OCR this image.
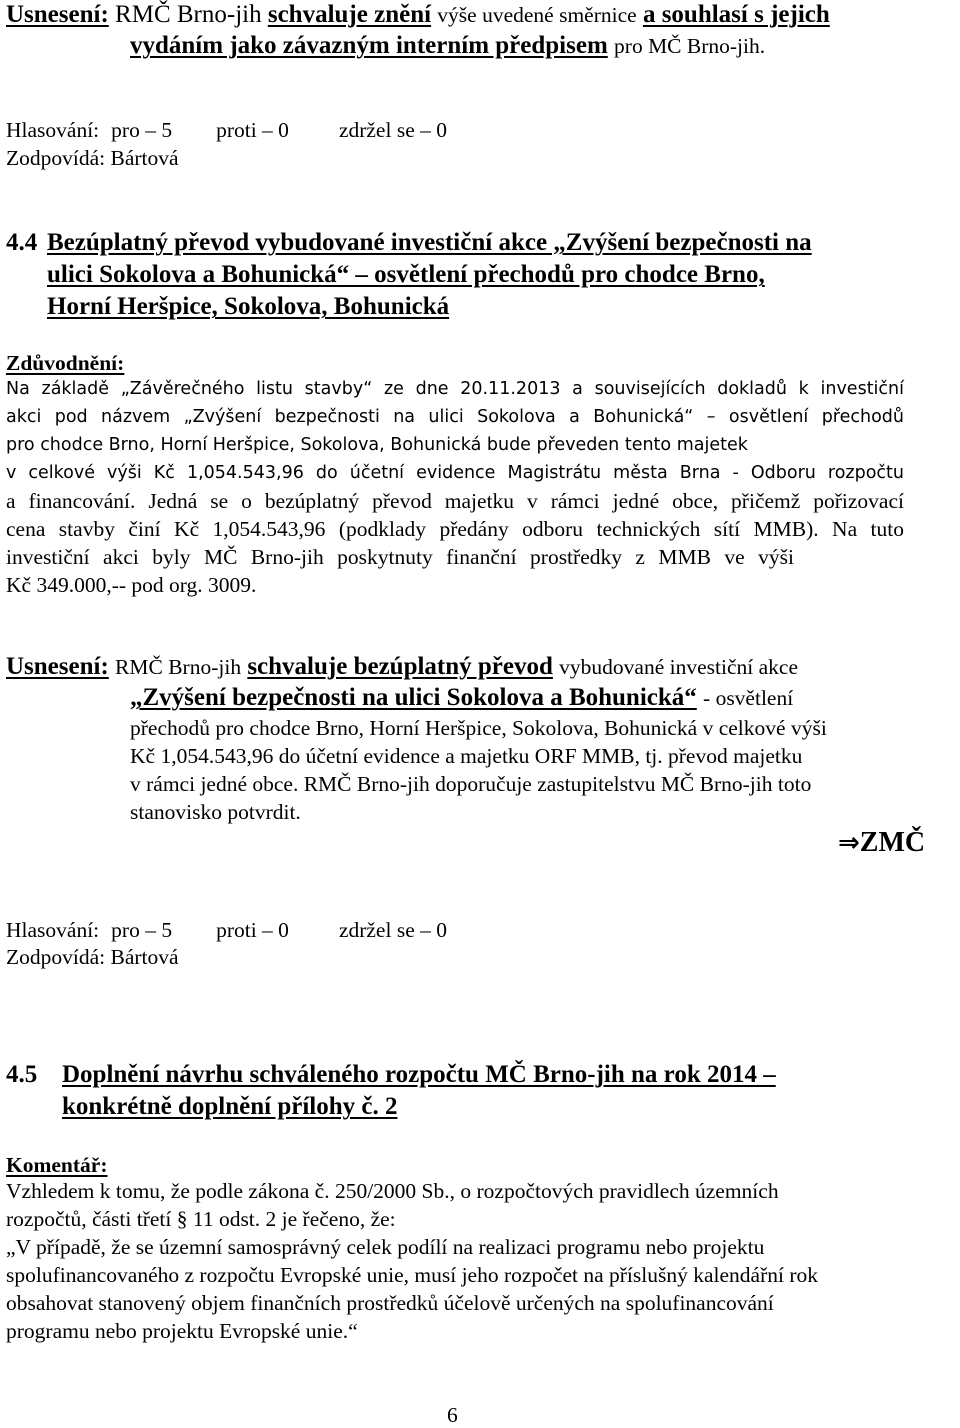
Usnesení: RMČ Brno-jih schvaluje znění výše uvedené směrnice a souhlasí s jejich
vydáním jako závazným interním předpisem pro MČ Brno-jih.
Hlasování: pro – 5 proti – 0 zdržel se – 0
Zodpovídá: Bártová
4.4 Bezúplatný převod vybudované investiční akce „Zvýšení bezpečnosti na
ulici Sokolova a Bohunická“ – osvětlení přechodů pro chodce Brno,
Horní Heršpice, Sokolova, Bohunická
Zdůvodnění:
Na základě „Závěrečného listu stavby“ ze dne 20.11.2013 a souvisejících dokladů k investiční
akci pod názvem „Zvýšení bezpečnosti na ulici Sokolova a Bohunická“ – osvětlení přechodů
pro chodce Brno, Horní Heršpice, Sokolova, Bohunická bude převeden tento majetek
v celkové výši Kč 1,054.543,96 do účetní evidence Magistrátu města Brna - Odboru rozpočtu
a financování. Jedná se o bezúplatný převod majetku v rámci jedné obce, přičemž pořizovací
cena stavby činí Kč 1,054.543,96 (podklady předány odboru technických sítí MMB). Na tuto
investiční akci byly MČ Brno-jih poskytnuty finanční prostředky z MMB ve výši
Kč 349.000,-- pod org. 3009.
Usnesení: RMČ Brno-jih schvaluje bezúplatný převod vybudované investiční akce
„Zvýšení bezpečnosti na ulici Sokolova a Bohunická“ - osvětlení
přechodů pro chodce Brno, Horní Heršpice, Sokolova, Bohunická v celkové výši
Kč 1,054.543,96 do účetní evidence a majetku ORF MMB, tj. převod majetku
v rámci jedné obce. RMČ Brno-jih doporučuje zastupitelstvu MČ Brno-jih toto
stanovisko potvrdit.
⇒ZMČ
Hlasování: pro – 5 proti – 0 zdržel se – 0
Zodpovídá: Bártová
4.5 Doplnění návrhu schváleného rozpočtu MČ Brno-jih na rok 2014 –
konkrétně doplnění přílohy č. 2
Komentář:
Vzhledem k tomu, že podle zákona č. 250/2000 Sb., o rozpočtových pravidlech územních
rozpočtů, části třetí § 11 odst. 2 je řečeno, že:
„V případě, že se územní samosprávný celek podílí na realizaci programu nebo projektu
spolufinancovaného z rozpočtu Evropské unie, musí jeho rozpočet na příslušný kalendářní rok
obsahovat stanovený objem finančních prostředků účelově určených na spolufinancování
programu nebo projektu Evropské unie.“
6
